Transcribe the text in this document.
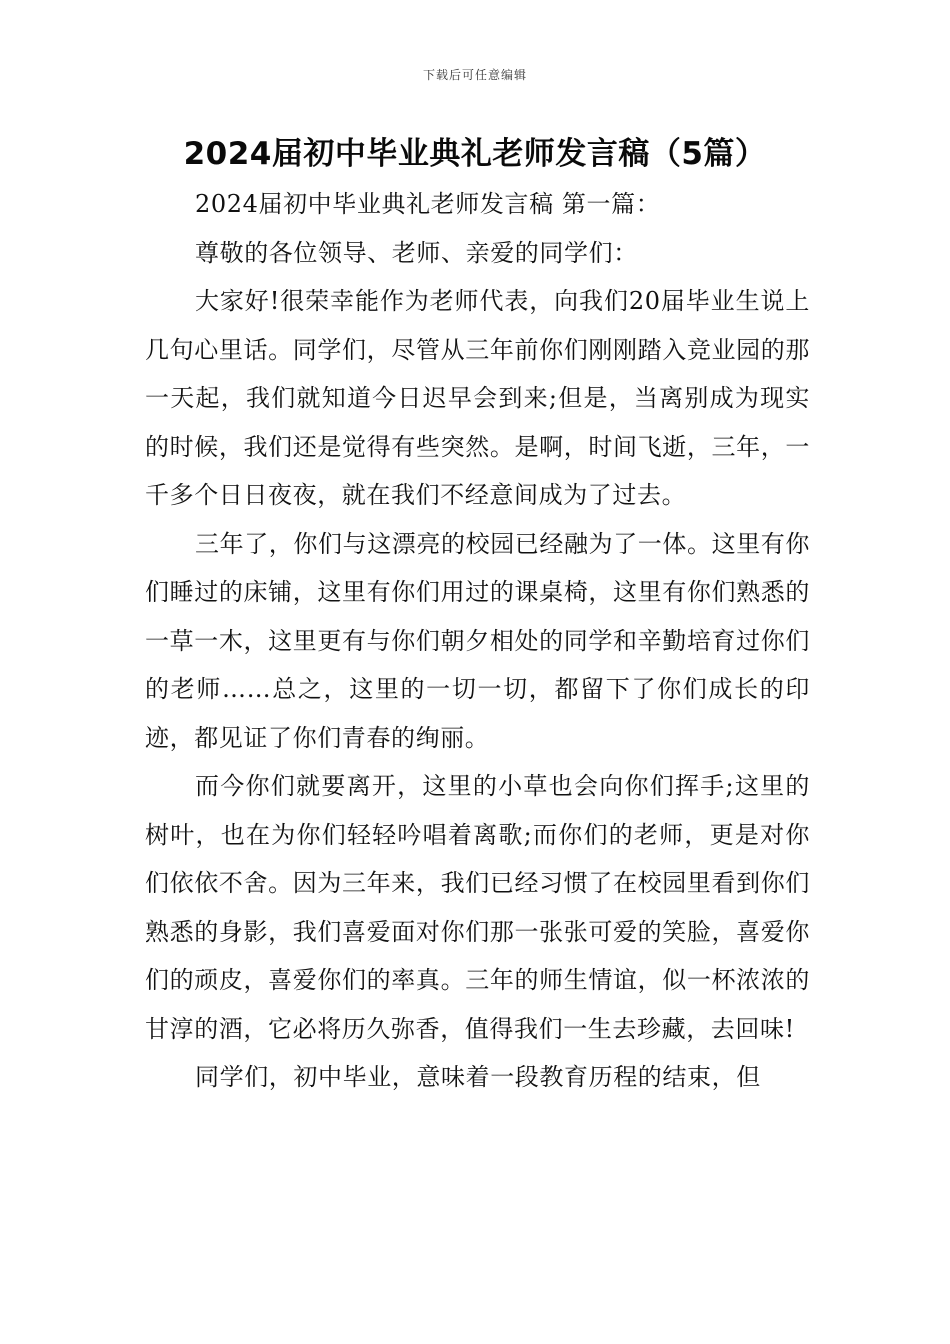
下载后可任意编辑
2024届初中毕业典礼老师发言稿（5篇）

2024届初中毕业典礼老师发言稿 第一篇：

尊敬的各位领导、老师、亲爱的同学们：

大家好!很荣幸能作为老师代表，向我们20届毕业生说上几句心里话。同学们，尽管从三年前你们刚刚踏入竞业园的那一天起，我们就知道今日迟早会到来;但是，当离别成为现实的时候，我们还是觉得有些突然。是啊，时间飞逝，三年，一千多个日日夜夜，就在我们不经意间成为了过去。

三年了，你们与这漂亮的校园已经融为了一体。这里有你们睡过的床铺，这里有你们用过的课桌椅，这里有你们熟悉的一草一木，这里更有与你们朝夕相处的同学和辛勤培育过你们的老师……总之，这里的一切一切，都留下了你们成长的印迹，都见证了你们青春的绚丽。

而今你们就要离开，这里的小草也会向你们挥手;这里的树叶，也在为你们轻轻吟唱着离歌;而你们的老师，更是对你们依依不舍。因为三年来，我们已经习惯了在校园里看到你们熟悉的身影，我们喜爱面对你们那一张张可爱的笑脸，喜爱你们的顽皮，喜爱你们的率真。三年的师生情谊，似一杯浓浓的甘淳的酒，它必将历久弥香，值得我们一生去珍藏，去回味!

同学们，初中毕业，意味着一段教育历程的结束，但
